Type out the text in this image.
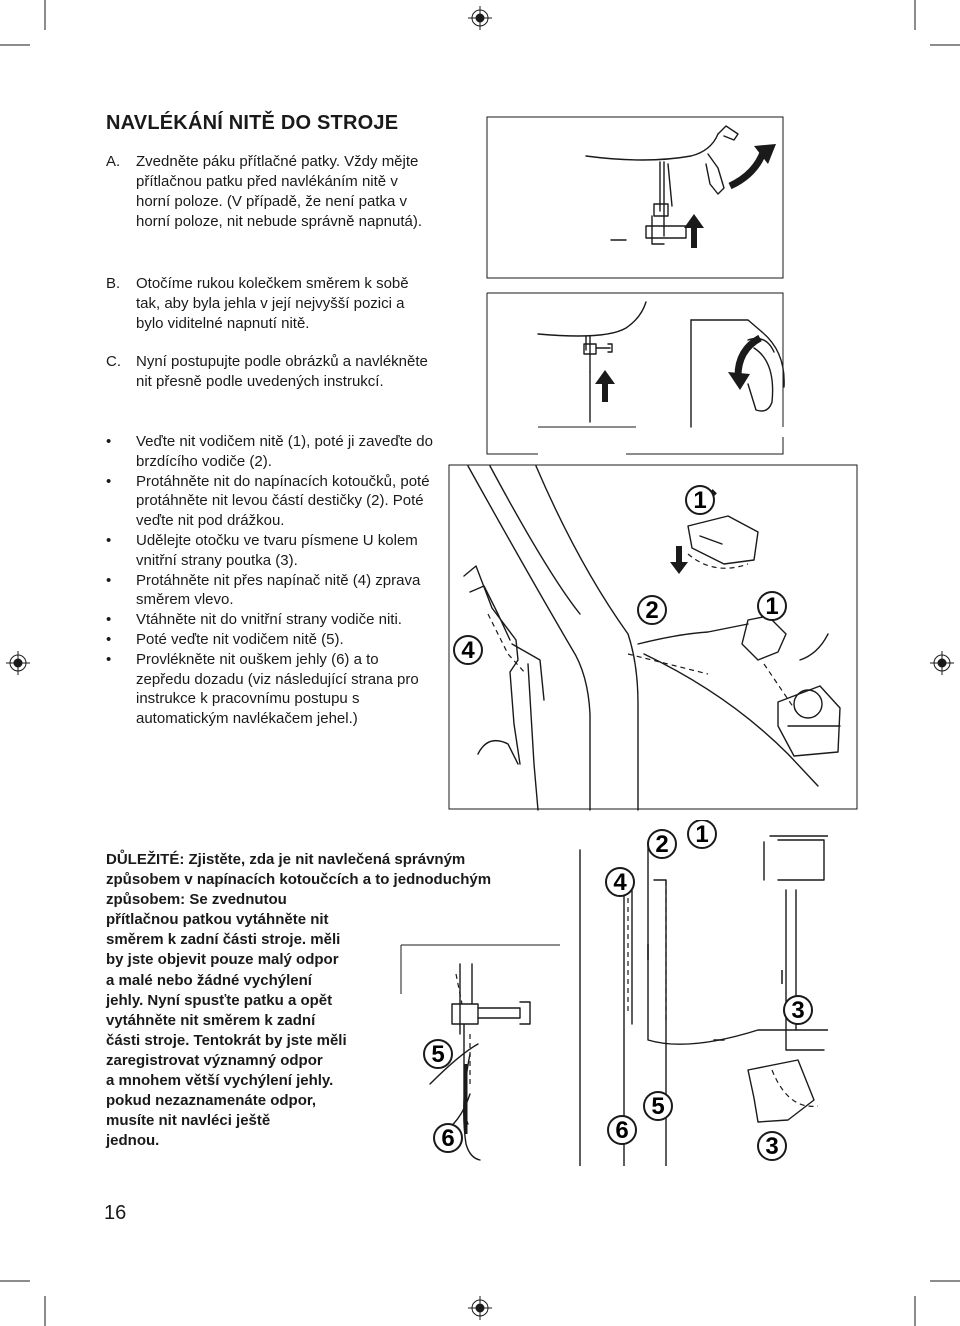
NAVLÉKÁNÍ NITĚ DO STROJE
A. Zvedněte páku přítlačné patky. Vždy mějte přítlačnou patku před navlékáním nitě v horní poloze. (V případě, že není patka v horní poloze, nit nebude správně napnutá).
B. Otočíme rukou kolečkem směrem k sobě tak, aby byla jehla v její nejvyšší pozici a bylo viditelné napnutí nitě.
C. Nyní postupujte podle obrázků a navlékněte nit přesně podle uvedených instrukcí.
• Veďte nit vodičem nitě (1), poté ji zaveďte do brzdícího vodiče (2).
• Protáhněte nit do napínacích kotoučků, poté protáhněte nit levou částí destičky (2). Poté veďte nit pod drážkou.
• Udělejte otočku ve tvaru písmene U kolem vnitřní strany poutka (3).
• Protáhněte nit přes napínač nitě (4) zprava směrem vlevo.
• Vtáhněte nit do vnitřní strany vodiče niti.
• Poté veďte nit vodičem nitě (5).
• Provlékněte nit ouškem jehly (6) a to zepředu dozadu (viz následující strana pro instrukce k pracovnímu postupu s automatickým navlékačem jehel.)
DŮLEŽITÉ: Zjistěte, zda je nit navlečená správným
způsobem v napínacích kotoučcích a to jednoduchým
způsobem: Se zvednutou
přítlačnou patkou vytáhněte nit
směrem k zadní části stroje. měli
by jste objevit pouze malý odpor
a malé nebo žádné vychýlení
jehly. Nyní spusťte patku a opět
vytáhněte nit směrem k zadní
části stroje. Tentokrát by jste měli
zaregistrovat významný odpor
a mnohem větší vychýlení jehly.
pokud nezaznamenáte odpor,
musíte nit navléci ještě
jednou.
16
1
2	1
4
2 1
4
3
5
6
3
5
6
